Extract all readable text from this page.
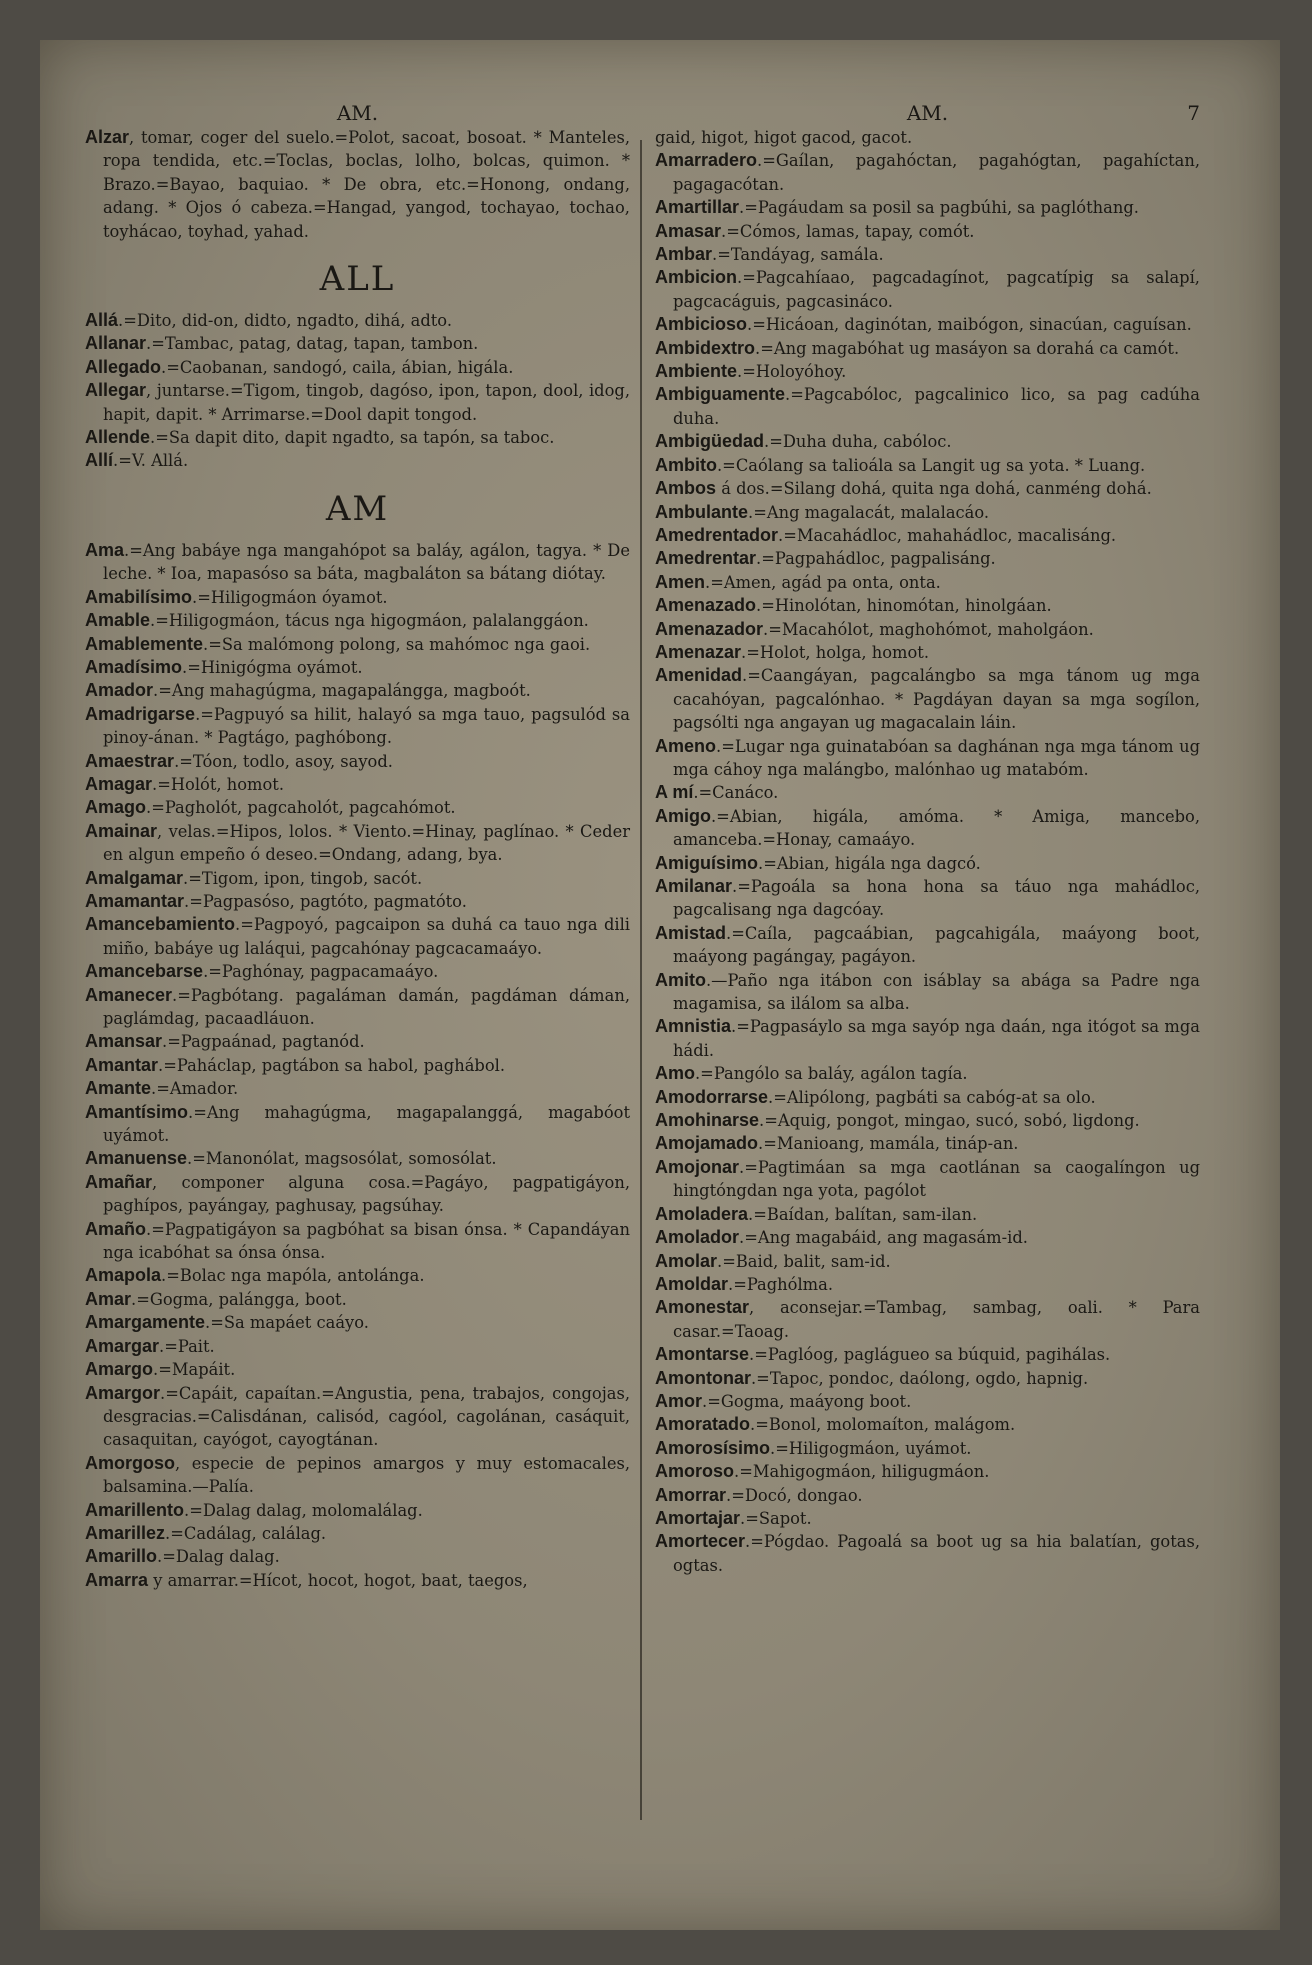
AM.

Alzar, tomar, coger del suelo.=Polot, sacoat, bosoat. * Manteles, ropa tendida, etc.=Toclas, boclas, lolho, bolcas, quimon. * Brazo.=Bayao, baquiao. * De obra, etc.=Honong, ondang, adang. * Ojos ó cabeza.=Hangad, yangod, tochayao, tochao, toyhácao, toyhad, yahad.

ALL

Allá.=Dito, did-on, didto, ngadto, dihá, adto.

Allanar.=Tambac, patag, datag, tapan, tambon.

Allegado.=Caobanan, sandogó, caila, ábian, higála.

Allegar, juntarse.=Tigom, tingob, dagóso, ipon, tapon, dool, idog, hapit, dapit. * Arrimarse.=Dool dapit tongod.

Allende.=Sa dapit dito, dapit ngadto, sa tapón, sa taboc.

Allí.=V. Allá.

AM

Ama.=Ang babáye nga mangahópot sa baláy, agálon, tagya. * De leche. * Ioa, mapasóso sa báta, magbaláton sa bátang diótay.

Amabilísimo.=Hiligogmáon óyamot.

Amable.=Hiligogmáon, tácus nga higogmáon, palalanggáon.

Amablemente.=Sa malómong polong, sa mahómoc nga gaoi.

Amadísimo.=Hinigógma oyámot.

Amador.=Ang mahagúgma, magapalángga, magboót.

Amadrigarse.=Pagpuyó sa hilit, halayó sa mga tauo, pagsulód sa pinoy-ánan. * Pagtágo, paghóbong.

Amaestrar.=Tóon, todlo, asoy, sayod.

Amagar.=Holót, homot.

Amago.=Pagholót, pagcaholót, pagcahómot.

Amainar, velas.=Hipos, lolos. * Viento.=Hinay, paglínao. * Ceder en algun empeño ó deseo.=Ondang, adang, bya.

Amalgamar.=Tigom, ipon, tingob, sacót.

Amamantar.=Pagpasóso, pagtóto, pagmatóto.

Amancebamiento.=Pagpoyó, pagcaipon sa duhá ca tauo nga dili miño, babáye ug laláqui, pagcahónay pagcacamaáyo.

Amancebarse.=Paghónay, pagpacamaáyo.

Amanecer.=Pagbótang. pagaláman damán, pagdáman dáman, paglámdag, pacaadláuon.

Amansar.=Pagpaánad, pagtanód.

Amantar.=Paháclap, pagtábon sa habol, paghábol.

Amante.=Amador.

Amantísimo.=Ang mahagúgma, magapalanggá, magabóot uyámot.

Amanuense.=Manonólat, magsosólat, somosólat.

Amañar, componer alguna cosa.=Pagáyo, pagpatigáyon, paghípos, payángay, paghusay, pagsúhay.

Amaño.=Pagpatigáyon sa pagbóhat sa bisan ónsa. * Capandáyan nga icabóhat sa ónsa ónsa.

Amapola.=Bolac nga mapóla, antolánga.

Amar.=Gogma, palángga, boot.

Amargamente.=Sa mapáet caáyo.

Amargar.=Pait.

Amargo.=Mapáit.

Amargor.=Capáit, capaítan.=Angustia, pena, trabajos, congojas, desgracias.=Calisdánan, calisód, cagóol, cagolánan, casáquit, casaquitan, cayógot, cayogtánan.

Amorgoso, especie de pepinos amargos y muy estomacales, balsamina.—Palía.

Amarillento.=Dalag dalag, molomalálag.

Amarillez.=Cadálag, calálag.

Amarillo.=Dalag dalag.

Amarra y amarrar.=Hícot, hocot, hogot, baat, taegos,

AM.	7

gaid, higot, higot gacod, gacot.

Amarradero.=Gaílan, pagahóctan, pagahógtan, pagahíctan, pagagacótan.

Amartillar.=Pagáudam sa posil sa pagbúhi, sa paglóthang.

Amasar.=Cómos, lamas, tapay, comót.

Ambar.=Tandáyag, samála.

Ambicion.=Pagcahíaao, pagcadagínot, pagcatípig sa salapí, pagcacáguis, pagcasináco.

Ambicioso.=Hicáoan, daginótan, maibógon, sinacúan, caguísan.

Ambidextro.=Ang magabóhat ug masáyon sa dorahá ca camót.

Ambiente.=Holoyóhoy.

Ambiguamente.=Pagcabóloc, pagcalinico lico, sa pag cadúha duha.

Ambigüedad.=Duha duha, cabóloc.

Ambito.=Caólang sa talioála sa Langit ug sa yota. * Luang.

Ambos á dos.=Silang dohá, quita nga dohá, canméng dohá.

Ambulante.=Ang magalacát, malalacáo.

Amedrentador.=Macahádloc, mahahádloc, macalisáng.

Amedrentar.=Pagpahádloc, pagpalisáng.

Amen.=Amen, agád pa onta, onta.

Amenazado.=Hinolótan, hinomótan, hinolgáan.

Amenazador.=Macahólot, maghohómot, maholgáon.

Amenazar.=Holot, holga, homot.

Amenidad.=Caangáyan, pagcalángbo sa mga tánom ug mga cacahóyan, pagcalónhao. * Pagdáyan dayan sa mga sogílon, pagsólti nga angayan ug magacalain láin.

Ameno.=Lugar nga guinatabóan sa daghánan nga mga tánom ug mga cáhoy nga malángbo, malónhao ug matabóm.

A mí.=Canáco.

Amigo.=Abian, higála, amóma. * Amiga, mancebo, amanceba.=Honay, camaáyo.

Amiguísimo.=Abian, higála nga dagcó.

Amilanar.=Pagoála sa hona hona sa táuo nga mahádloc, pagcalisang nga dagcóay.

Amistad.=Caíla, pagcaábian, pagcahigála, maáyong boot, maáyong pagángay, pagáyon.

Amito.—Paño nga itábon con isáblay sa abága sa Padre nga magamisa, sa ilálom sa alba.

Amnistia.=Pagpasáylo sa mga sayóp nga daán, nga itógot sa mga hádi.

Amo.=Pangólo sa baláy, agálon tagía.

Amodorrarse.=Alipólong, pagbáti sa cabóg-at sa olo.

Amohinarse.=Aquig, pongot, mingao, sucó, sobó, ligdong.

Amojamado.=Manioang, mamála, tináp-an.

Amojonar.=Pagtimáan sa mga caotlánan sa caogalíngon ug hingtóngdan nga yota, pagólot

Amoladera.=Baídan, balítan, sam-ilan.

Amolador.=Ang magabáid, ang magasám-id.

Amolar.=Baid, balit, sam-id.

Amoldar.=Paghólma.

Amonestar, aconsejar.=Tambag, sambag, oali. * Para casar.=Taoag.

Amontarse.=Paglóog, paglágueo sa búquid, pagihálas.

Amontonar.=Tapoc, pondoc, daólong, ogdo, hapnig.

Amor.=Gogma, maáyong boot.

Amoratado.=Bonol, molomaíton, malágom.

Amorosísimo.=Hiligogmáon, uyámot.

Amoroso.=Mahigogmáon, hiligugmáon.

Amorrar.=Docó, dongao.

Amortajar.=Sapot.

Amortecer.=Pógdao. Pagoalá sa boot ug sa hia balatían, gotas, ogtas.
